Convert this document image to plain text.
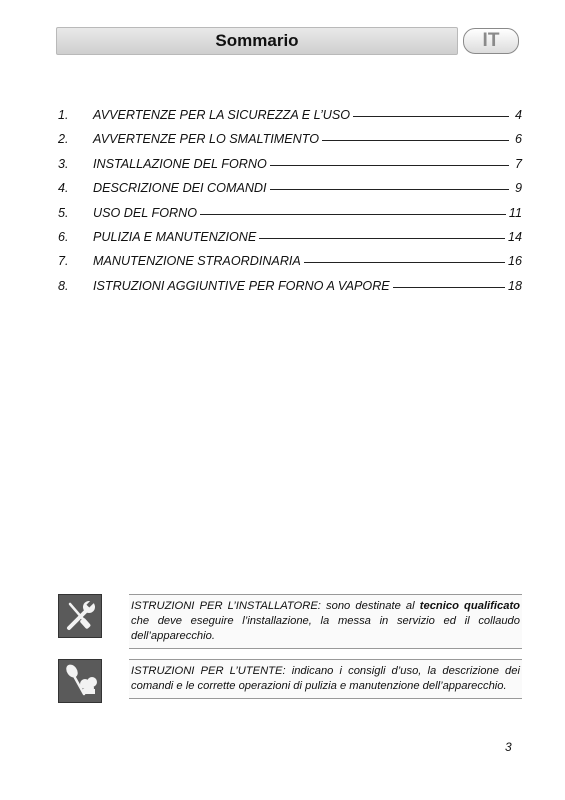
Sommario	IT
1.	AVVERTENZE PER LA SICUREZZA E L’USO	4
2.	AVVERTENZE PER LO SMALTIMENTO	6
3.	INSTALLAZIONE DEL FORNO	7
4.	DESCRIZIONE DEI COMANDI	9
5.	USO DEL FORNO	11
6.	PULIZIA E MANUTENZIONE	14
7.	MANUTENZIONE STRAORDINARIA	16
8.	ISTRUZIONI AGGIUNTIVE PER FORNO A VAPORE	18
ISTRUZIONI PER L’INSTALLATORE: sono destinate al tecnico qualificato che deve eseguire l’installazione, la messa in servizio ed il collaudo dell’apparecchio.
ISTRUZIONI PER L’UTENTE: indicano i consigli d’uso, la descrizione dei comandi e le corrette operazioni di pulizia e manutenzione dell’apparecchio.
3
